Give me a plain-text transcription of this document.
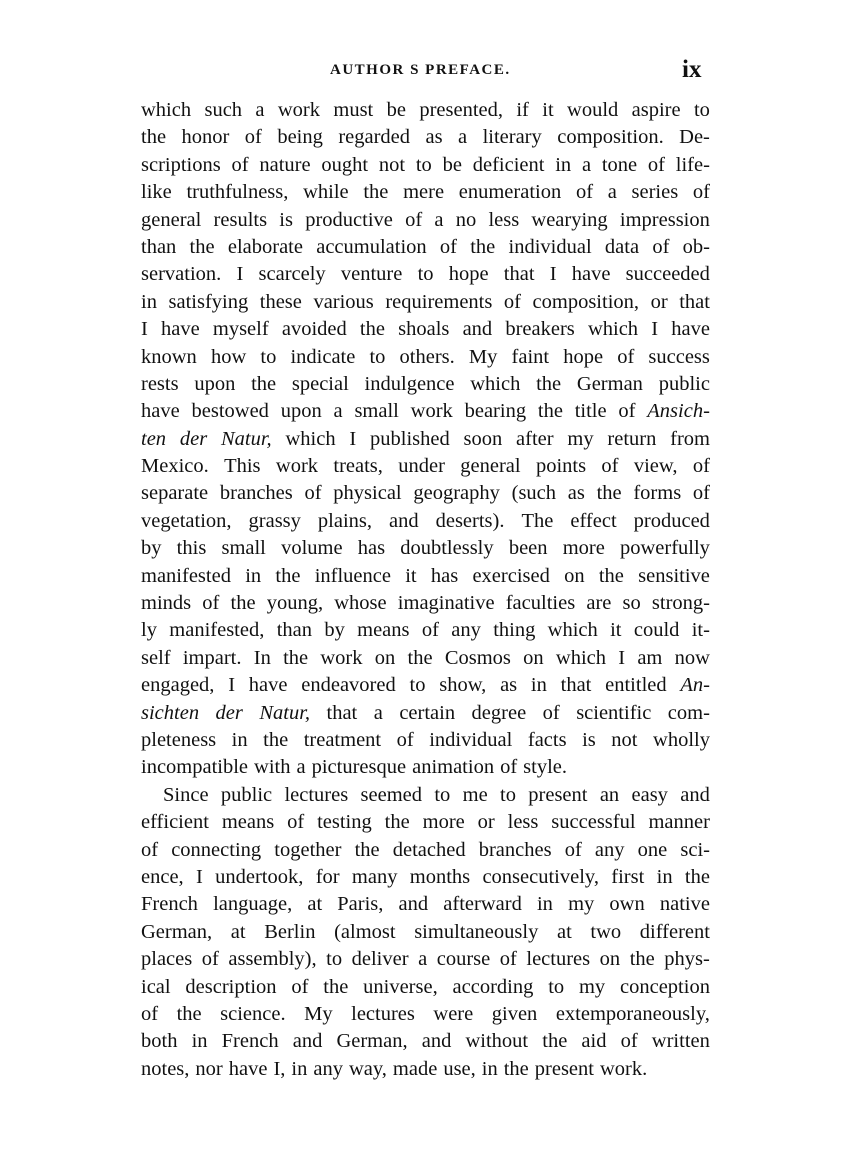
AUTHOR S PREFACE.	ix
which such a work must be presented, if it would aspire to
the honor of being regarded as a literary composition. De-
scriptions of nature ought not to be deficient in a tone of life-
like truthfulness, while the mere enumeration of a series of
general results is productive of a no less wearying impression
than the elaborate accumulation of the individual data of ob-
servation. I scarcely venture to hope that I have succeeded
in satisfying these various requirements of composition, or that
I have myself avoided the shoals and breakers which I have
known how to indicate to others. My faint hope of success
rests upon the special indulgence which the German public
have bestowed upon a small work bearing the title of Ansich-
ten der Natur, which I published soon after my return from
Mexico. This work treats, under general points of view, of
separate branches of physical geography (such as the forms of
vegetation, grassy plains, and deserts). The effect produced
by this small volume has doubtlessly been more powerfully
manifested in the influence it has exercised on the sensitive
minds of the young, whose imaginative faculties are so strong-
ly manifested, than by means of any thing which it could it-
self impart. In the work on the Cosmos on which I am now
engaged, I have endeavored to show, as in that entitled An-
sichten der Natur, that a certain degree of scientific com-
pleteness in the treatment of individual facts is not wholly
incompatible with a picturesque animation of style.
Since public lectures seemed to me to present an easy and
efficient means of testing the more or less successful manner
of connecting together the detached branches of any one sci-
ence, I undertook, for many months consecutively, first in the
French language, at Paris, and afterward in my own native
German, at Berlin (almost simultaneously at two different
places of assembly), to deliver a course of lectures on the phys-
ical description of the universe, according to my conception
of the science. My lectures were given extemporaneously,
both in French and German, and without the aid of written
notes, nor have I, in any way, made use, in the present work.
